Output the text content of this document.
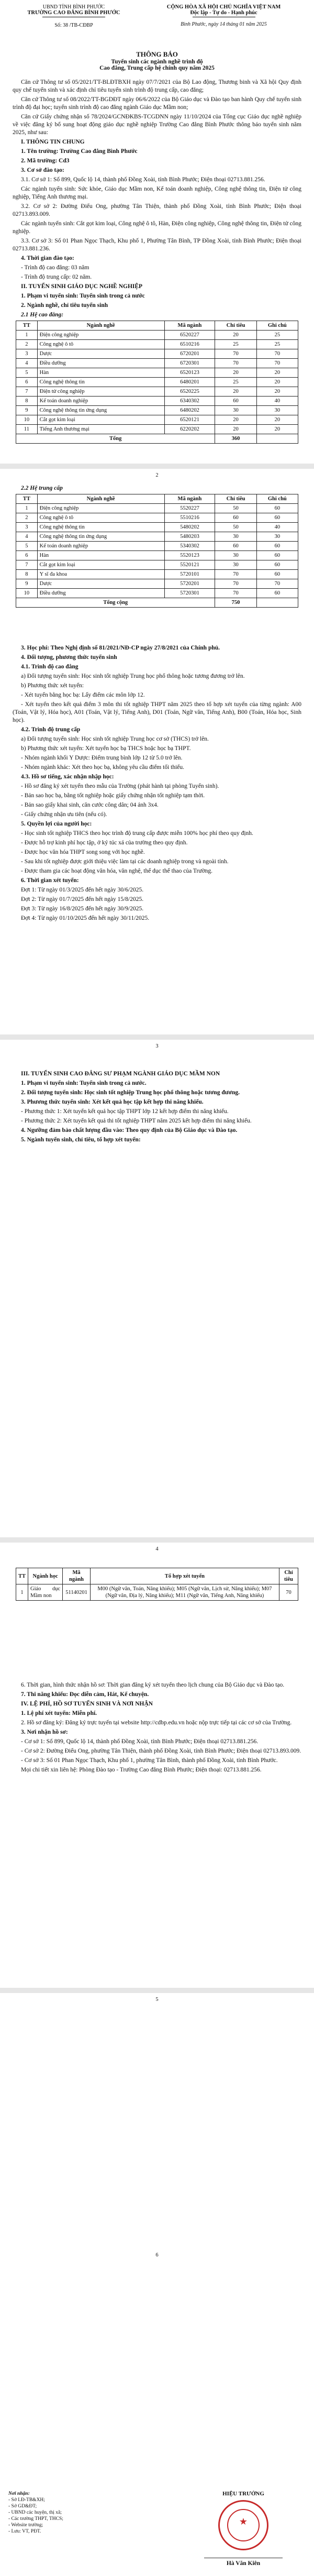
UBND TỈNH BÌNH PHƯỚC
TRƯỜNG CAO ĐẲNG BÌNH PHƯỚC
Số: 38 /TB-CĐBP
CỘNG HÒA XÃ HỘI CHỦ NGHĨA VIỆT NAM
Độc lập - Tự do - Hạnh phúc
Bình Phước, ngày 14 tháng 01 năm 2025
THÔNG BÁO
Tuyển sinh các ngành nghề trình độ
Cao đẳng, Trung cấp hệ chính quy năm 2025

Căn cứ Thông tư số 05/2021/TT-BLĐTBXH ngày 07/7/2021 của Bộ Lao động, Thương binh và Xã hội Quy định quy chế tuyển sinh và xác định chỉ tiêu tuyển sinh trình độ trung cấp, cao đẳng;

Căn cứ Thông tư số 08/2022/TT-BGDĐT ngày 06/6/2022 của Bộ Giáo dục và Đào tạo ban hành Quy chế tuyển sinh trình độ đại học; tuyển sinh trình độ cao đẳng ngành Giáo dục Mầm non;

Căn cứ Giấy chứng nhận số 78/2024/GCNĐKBS-TCGDNN ngày 11/10/2024 của Tổng cục Giáo dục nghề nghiệp về việc đăng ký bổ sung hoạt động giáo dục nghề nghiệp Trường Cao đẳng Bình Phước thông báo tuyển sinh năm 2025, như sau:

I. THÔNG TIN CHUNG

1. Tên trường: Trường Cao đẳng Bình Phước

2. Mã trường: Cd3

3. Cơ sở đào tạo:

3.1. Cơ sở 1: Số 899, Quốc lộ 14, thành phố Đồng Xoài, tỉnh Bình Phước; Điện thoại 02713.881.256.

Các ngành tuyển sinh: Sức khỏe, Giáo dục Mầm non, Kế toán doanh nghiệp, Công nghệ thông tin, Điện tử công nghiệp, Tiếng Anh thương mại.

3.2. Cơ sở 2: Đường Điểu Ong, phường Tân Thiện, thành phố Đồng Xoài, tỉnh Bình Phước; Điện thoại 02713.893.009.

Các ngành tuyển sinh: Cắt gọt kim loại, Công nghệ ô tô, Hàn, Điện công nghiệp, Công nghệ thông tin, Điện tử công nghiệp.

3.3. Cơ sở 3: Số 01 Phan Ngọc Thạch, Khu phố 1, Phường Tân Bình, TP Đồng Xoài, tỉnh Bình Phước; Điện thoại 02713.881.236.

4. Thời gian đào tạo:

- Trình độ cao đẳng: 03 năm

- Trình độ trung cấp: 02 năm.

II. TUYỂN SINH GIÁO DỤC NGHỀ NGHIỆP

1. Phạm vi tuyển sinh: Tuyển sinh trong cả nước

2. Ngành nghề, chỉ tiêu tuyển sinh

2.1 Hệ cao đẳng:

TT	Ngành nghề	Mã ngành	Chỉ tiêu	Ghi chú
1	Điện công nghiệp	6520227	20	25
2	Công nghệ ô tô	6510216	25	25
3	Dược	6720201	70	70
4	Điều dưỡng	6720301	70	70
5	Hàn	6520123	20	20
6	Công nghệ thông tin	6480201	25	20
7	Điện tử công nghiệp	6520225	20	20
8	Kế toán doanh nghiệp	6340302	60	40
9	Công nghệ thông tin ứng dụng	6480202	30	30
10	Cắt gọt kim loại	6520121	20	20
11	Tiếng Anh thương mại	6220202	20	20
Tổng			360	
2

2.2 Hệ trung cấp

TT	Ngành nghề	Mã ngành	Chỉ tiêu	Ghi chú
1	Điện công nghiệp	5520227	50	60
2	Công nghệ ô tô	5510216	60	60
3	Công nghệ thông tin	5480202	50	40
4	Công nghệ thông tin ứng dụng	5480203	30	30
5	Kế toán doanh nghiệp	5340302	60	60
6	Hàn	5520123	30	60
7	Cắt gọt kim loại	5520121	30	60
8	Y sĩ đa khoa	5720101	70	60
9	Dược	5720201	70	70
10	Điều dưỡng	5720301	70	60
Tổng cộng			750	

3. Học phí: Theo Nghị định số 81/2021/NĐ-CP ngày 27/8/2021 của Chính phủ.

4. Đối tượng, phương thức tuyển sinh

4.1. Trình độ cao đẳng

a) Đối tượng tuyển sinh: Học sinh tốt nghiệp Trung học phổ thông hoặc tương đương trở lên.

b) Phương thức xét tuyển:

- Xét tuyển bằng học bạ: Lấy điểm các môn lớp 12.

- Xét tuyển theo kết quả điểm 3 môn thi tốt nghiệp THPT năm 2025 theo tổ hợp xét tuyển của từng ngành: A00 (Toán, Vật lý, Hóa học), A01 (Toán, Vật lý, Tiếng Anh), D01 (Toán, Ngữ văn, Tiếng Anh), B00 (Toán, Hóa học, Sinh học).

4.2. Trình độ trung cấp

a) Đối tượng tuyển sinh: Học sinh tốt nghiệp Trung học cơ sở (THCS) trở lên.

b) Phương thức xét tuyển: Xét tuyển học bạ THCS hoặc học bạ THPT.

- Nhóm ngành khối Y Dược: Điểm trung bình lớp 12 từ 5.0 trở lên.

- Nhóm ngành khác: Xét theo học bạ, không yêu cầu điểm tối thiểu.

4.3. Hồ sơ tiếng, xác nhận nhập học:

- Hồ sơ đăng ký xét tuyển theo mẫu của Trường (phát hành tại phòng Tuyển sinh).

- Bản sao học bạ, bằng tốt nghiệp hoặc giấy chứng nhận tốt nghiệp tạm thời.

- Bản sao giấy khai sinh, căn cước công dân; 04 ảnh 3x4.

- Giấy chứng nhận ưu tiên (nếu có).

5. Quyền lợi của người học:

- Học sinh tốt nghiệp THCS theo học trình độ trung cấp được miễn 100% học phí theo quy định.

- Được hỗ trợ kinh phí học tập, ở ký túc xá của trường theo quy định.

- Được học văn hóa THPT song song với học nghề.

- Sau khi tốt nghiệp được giới thiệu việc làm tại các doanh nghiệp trong và ngoài tỉnh.

- Được tham gia các hoạt động văn hóa, văn nghệ, thể dục thể thao của Trường.

6. Thời gian xét tuyển:

Đợt 1: Từ ngày 01/3/2025 đến hết ngày 30/6/2025.

Đợt 2: Từ ngày 01/7/2025 đến hết ngày 15/8/2025.

Đợt 3: Từ ngày 16/8/2025 đến hết ngày 30/9/2025.

Đợt 4: Từ ngày 01/10/2025 đến hết ngày 30/11/2025.

3
III. TUYỂN SINH CAO ĐẲNG SƯ PHẠM NGÀNH GIÁO DỤC MẦM NON

1. Phạm vi tuyển sinh: Tuyển sinh trong cả nước.

2. Đối tượng tuyển sinh: Học sinh tốt nghiệp Trung học phổ thông hoặc tương đương.

3. Phương thức tuyển sinh: Xét kết quả học tập kết hợp thi năng khiếu.

- Phương thức 1: Xét tuyển kết quả học tập THPT lớp 12 kết hợp điểm thi năng khiếu.

- Phương thức 2: Xét tuyển kết quả thi tốt nghiệp THPT năm 2025 kết hợp điểm thi năng khiếu.

4. Ngưỡng đảm bảo chất lượng đầu vào: Theo quy định của Bộ Giáo dục và Đào tạo.

5. Ngành tuyển sinh, chỉ tiêu, tổ hợp xét tuyển:

4
TT	Ngành học	Mã ngành	Tổ hợp xét tuyển	Chỉ tiêu
1	Giáo dục Mầm non	51140201	M00 (Ngữ văn, Toán, Năng khiếu); M05 (Ngữ văn, Lịch sử, Năng khiếu); M07 (Ngữ văn, Địa lý, Năng khiếu); M11 (Ngữ văn, Tiếng Anh, Năng khiếu)	70
5

6. Thời gian, hình thức nhận hồ sơ: Thời gian đăng ký xét tuyển theo lịch chung của Bộ Giáo dục và Đào tạo.

7. Thi năng khiếu: Đọc diễn cảm, Hát, Kể chuyện.

IV. LỆ PHÍ, HỒ SƠ TUYỂN SINH VÀ NƠI NHẬN

1. Lệ phí xét tuyển: Miễn phí.

2. Hồ sơ đăng ký: Đăng ký trực tuyến tại website http://cdbp.edu.vn hoặc nộp trực tiếp tại các cơ sở của Trường.

3. Nơi nhận hồ sơ:

- Cơ sở 1: Số 899, Quốc lộ 14, thành phố Đồng Xoài, tỉnh Bình Phước; Điện thoại 02713.881.256.

- Cơ sở 2: Đường Điểu Ong, phường Tân Thiện, thành phố Đồng Xoài, tỉnh Bình Phước; Điện thoại 02713.893.009.

- Cơ sở 3: Số 01 Phan Ngọc Thạch, Khu phố 1, phường Tân Bình, thành phố Đồng Xoài, tỉnh Bình Phước.

Mọi chi tiết xin liên hệ: Phòng Đào tạo - Trường Cao đẳng Bình Phước; Điện thoại: 02713.881.256.

6
Nơi nhận:
- Sở LĐ-TB&XH;
- Sở GD&ĐT;
- UBND các huyện, thị xã;
- Các trường THPT, THCS;
- Website trường;
- Lưu: VT, PĐT.
HIỆU TRƯỞNG
★
Hà Văn Kiên
